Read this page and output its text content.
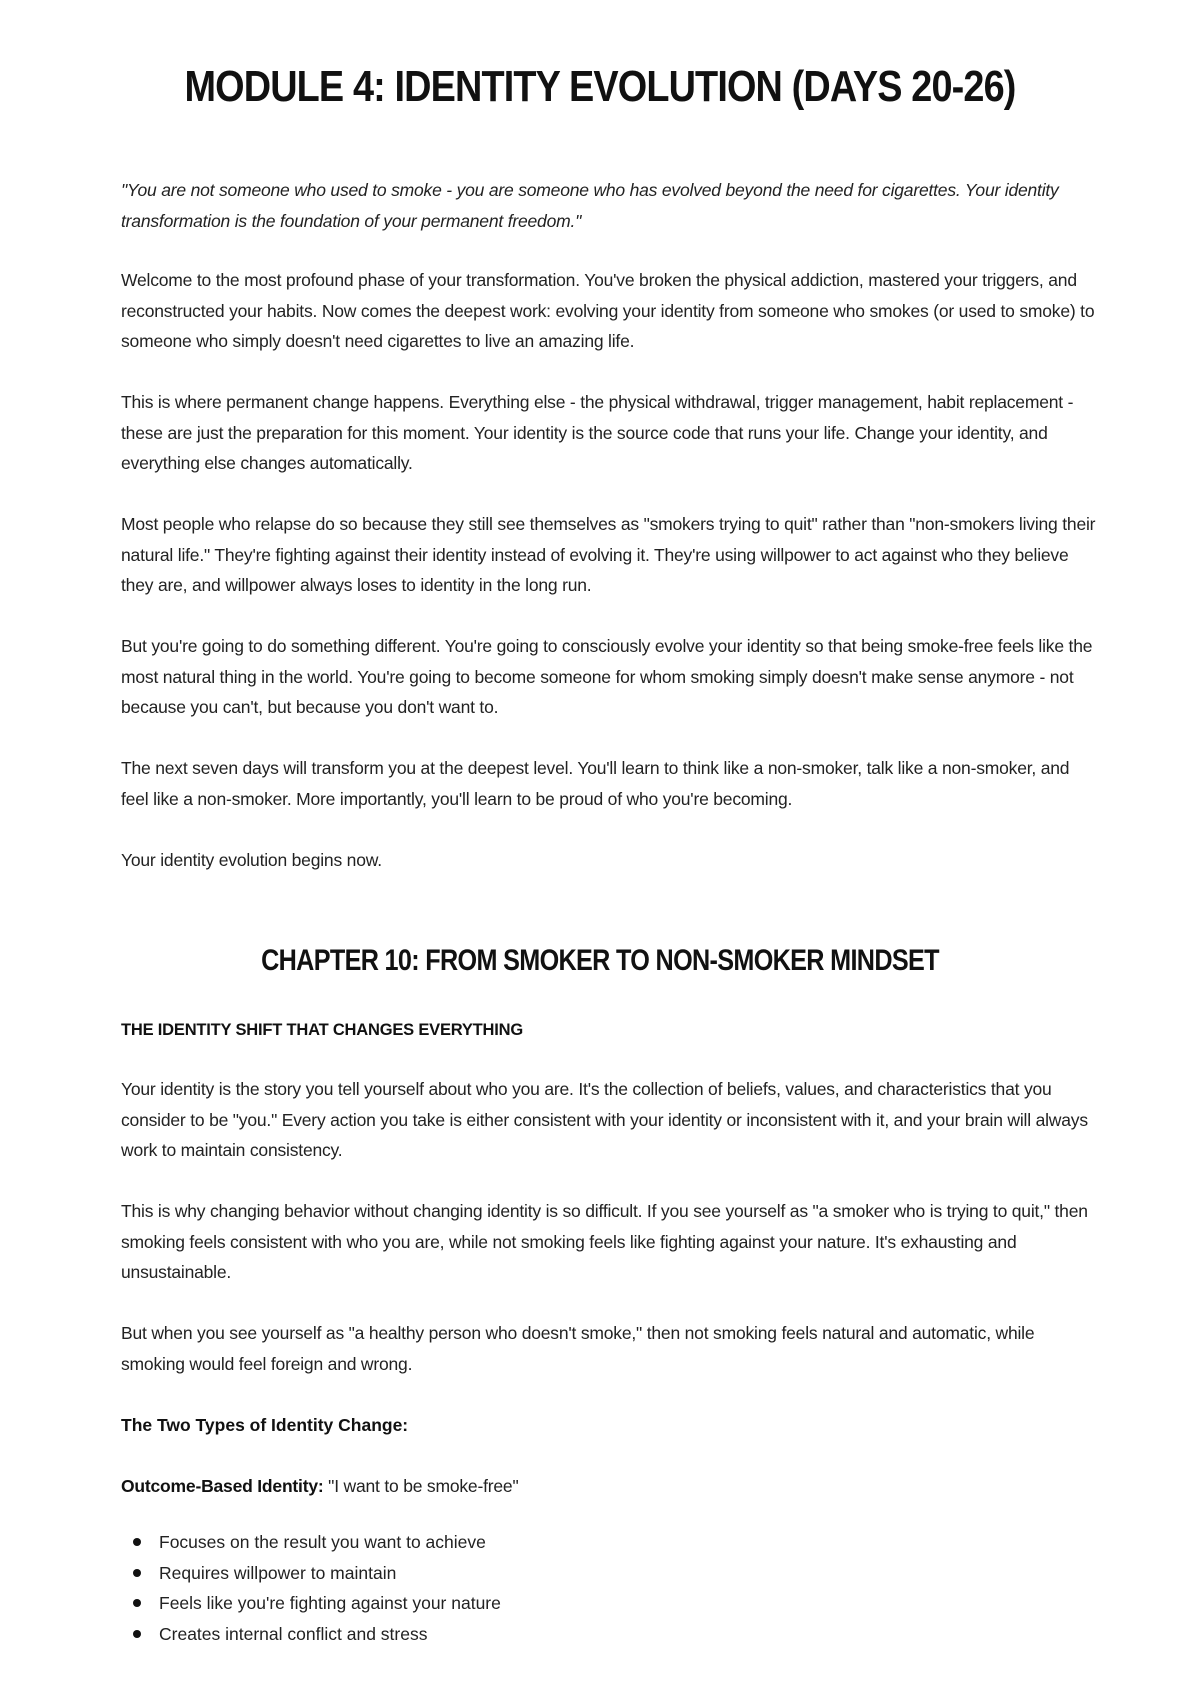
MODULE 4: IDENTITY EVOLUTION (DAYS 20-26)

"You are not someone who used to smoke - you are someone who has evolved beyond the need for cigarettes. Your identity transformation is the foundation of your permanent freedom."

Welcome to the most profound phase of your transformation. You've broken the physical addiction, mastered your triggers, and reconstructed your habits. Now comes the deepest work: evolving your identity from someone who smokes (or used to smoke) to someone who simply doesn't need cigarettes to live an amazing life.

This is where permanent change happens. Everything else - the physical withdrawal, trigger management, habit replacement - these are just the preparation for this moment. Your identity is the source code that runs your life. Change your identity, and everything else changes automatically.

Most people who relapse do so because they still see themselves as "smokers trying to quit" rather than "non-smokers living their natural life." They're fighting against their identity instead of evolving it. They're using willpower to act against who they believe they are, and willpower always loses to identity in the long run.

But you're going to do something different. You're going to consciously evolve your identity so that being smoke-free feels like the most natural thing in the world. You're going to become someone for whom smoking simply doesn't make sense anymore - not because you can't, but because you don't want to.

The next seven days will transform you at the deepest level. You'll learn to think like a non-smoker, talk like a non-smoker, and feel like a non-smoker. More importantly, you'll learn to be proud of who you're becoming.

Your identity evolution begins now.

CHAPTER 10: FROM SMOKER TO NON-SMOKER MINDSET
THE IDENTITY SHIFT THAT CHANGES EVERYTHING

Your identity is the story you tell yourself about who you are. It's the collection of beliefs, values, and characteristics that you consider to be "you." Every action you take is either consistent with your identity or inconsistent with it, and your brain will always work to maintain consistency.

This is why changing behavior without changing identity is so difficult. If you see yourself as "a smoker who is trying to quit," then smoking feels consistent with who you are, while not smoking feels like fighting against your nature. It's exhausting and unsustainable.

But when you see yourself as "a healthy person who doesn't smoke," then not smoking feels natural and automatic, while smoking would feel foreign and wrong.

The Two Types of Identity Change:

Outcome-Based Identity: "I want to be smoke-free"

Focuses on the result you want to achieve
Requires willpower to maintain
Feels like you're fighting against your nature
Creates internal conflict and stress
